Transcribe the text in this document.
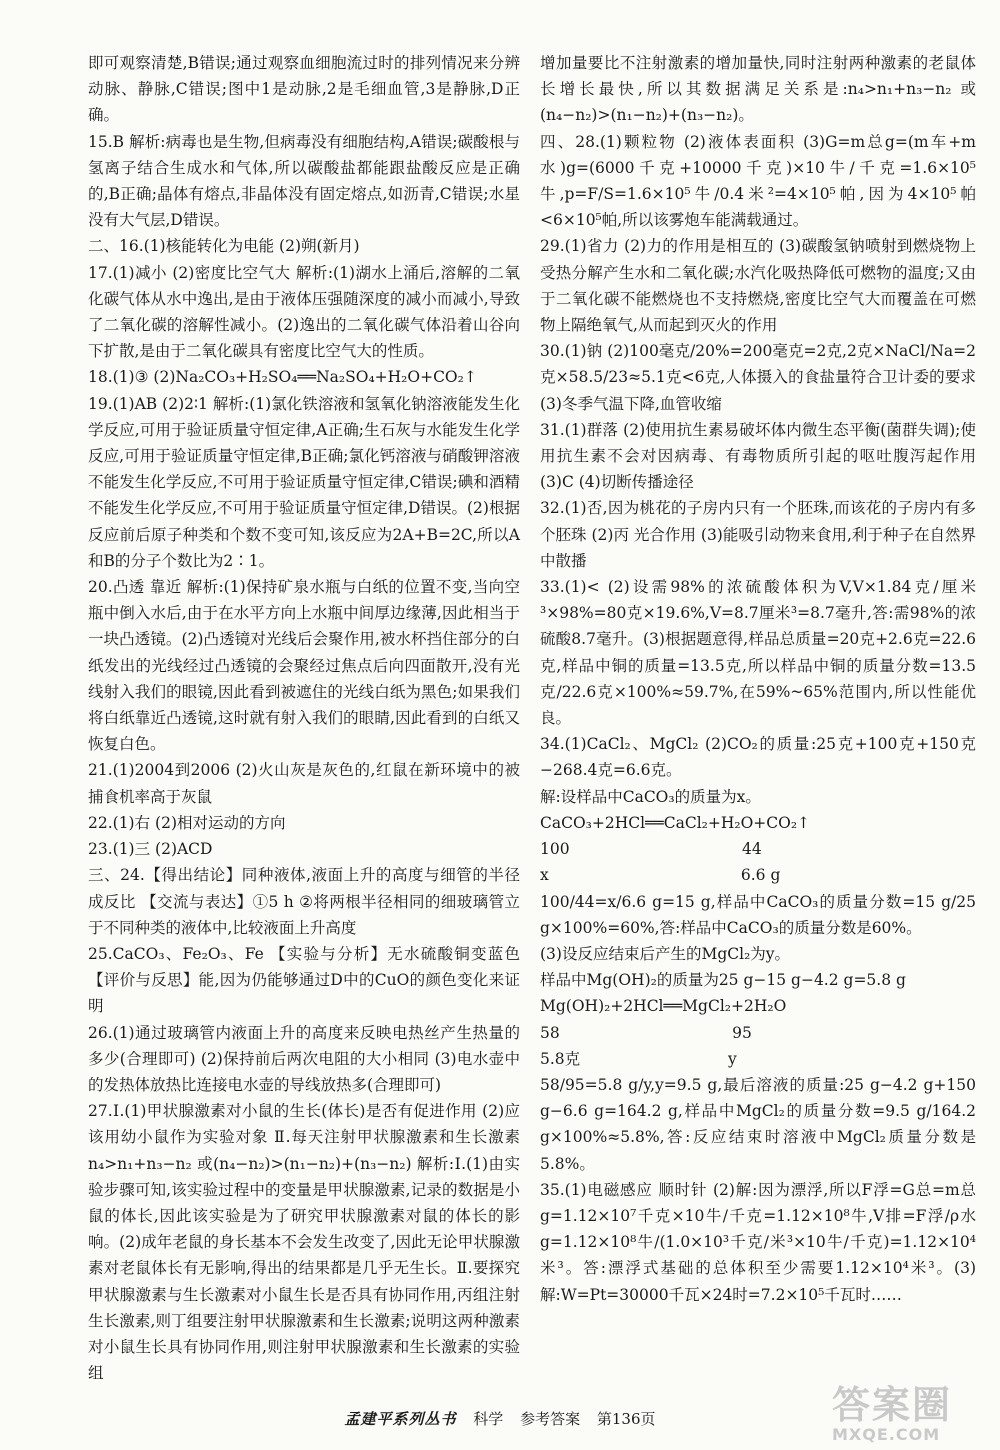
即可观察清楚,B错误;通过观察血细胞流过时的排列情况来分辨动脉、静脉,C错误;图中1是动脉,2是毛细血管,3是静脉,D正确。

15.B 解析:病毒也是生物,但病毒没有细胞结构,A错误;碳酸根与氢离子结合生成水和气体,所以碳酸盐都能跟盐酸反应是正确的,B正确;晶体有熔点,非晶体没有固定熔点,如沥青,C错误;水星没有大气层,D错误。

二、16.(1)核能转化为电能 (2)朔(新月)

17.(1)减小 (2)密度比空气大 解析:(1)湖水上涌后,溶解的二氧化碳气体从水中逸出,是由于液体压强随深度的减小而减小,导致了二氧化碳的溶解性减小。(2)逸出的二氧化碳气体沿着山谷向下扩散,是由于二氧化碳具有密度比空气大的性质。

18.(1)③ (2)Na₂CO₃+H₂SO₄══Na₂SO₄+H₂O+CO₂↑

19.(1)AB (2)2∶1 解析:(1)氯化铁溶液和氢氧化钠溶液能发生化学反应,可用于验证质量守恒定律,A正确;生石灰与水能发生化学反应,可用于验证质量守恒定律,B正确;氯化钙溶液与硝酸钾溶液不能发生化学反应,不可用于验证质量守恒定律,C错误;碘和酒精不能发生化学反应,不可用于验证质量守恒定律,D错误。(2)根据反应前后原子种类和个数不变可知,该反应为2A+B=2C,所以A和B的分子个数比为2∶1。

20.凸透 靠近 解析:(1)保持矿泉水瓶与白纸的位置不变,当向空瓶中倒入水后,由于在水平方向上水瓶中间厚边缘薄,因此相当于一块凸透镜。(2)凸透镜对光线后会聚作用,被水杯挡住部分的白纸发出的光线经过凸透镜的会聚经过焦点后向四面散开,没有光线射入我们的眼镜,因此看到被遮住的光线白纸为黑色;如果我们将白纸靠近凸透镜,这时就有射入我们的眼睛,因此看到的白纸又恢复白色。

21.(1)2004到2006 (2)火山灰是灰色的,红鼠在新环境中的被捕食机率高于灰鼠

22.(1)右 (2)相对运动的方向

23.(1)三 (2)ACD

三、24.【得出结论】同种液体,液面上升的高度与细管的半径成反比 【交流与表达】①5 h ②将两根半径相同的细玻璃管立于不同种类的液体中,比较液面上升高度

25.CaCO₃、Fe₂O₃、Fe 【实验与分析】无水硫酸铜变蓝色 【评价与反思】能,因为仍能够通过D中的CuO的颜色变化来证明

26.(1)通过玻璃管内液面上升的高度来反映电热丝产生热量的多少(合理即可) (2)保持前后两次电阻的大小相同 (3)电水壶中的发热体放热比连接电水壶的导线放热多(合理即可)

27.Ⅰ.(1)甲状腺激素对小鼠的生长(体长)是否有促进作用 (2)应该用幼小鼠作为实验对象 Ⅱ.每天注射甲状腺激素和生长激素 n₄>n₁+n₃−n₂ 或(n₄−n₂)>(n₁−n₂)+(n₃−n₂) 解析:Ⅰ.(1)由实验步骤可知,该实验过程中的变量是甲状腺激素,记录的数据是小鼠的体长,因此该实验是为了研究甲状腺激素对鼠的体长的影响。(2)成年老鼠的身长基本不会发生改变了,因此无论甲状腺激素对老鼠体长有无影响,得出的结果都是几乎无生长。Ⅱ.要探究甲状腺激素与生长激素对小鼠生长是否具有协同作用,丙组注射生长激素,则丁组要注射甲状腺激素和生长激素;说明这两种激素对小鼠生长具有协同作用,则注射甲状腺激素和生长激素的实验组

增加量要比不注射激素的增加量快,同时注射两种激素的老鼠体长增长最快,所以其数据满足关系是:n₄>n₁+n₃−n₂ 或(n₄−n₂)>(n₁−n₂)+(n₃−n₂)。

四、28.(1)颗粒物 (2)液体表面积 (3)G=m总g=(m车+m水)g=(6000千克+10000千克)×10牛/千克=1.6×10⁵牛,p=F/S=1.6×10⁵牛/0.4米²=4×10⁵帕,因为4×10⁵帕<6×10⁵帕,所以该雾炮车能满载通过。

29.(1)省力 (2)力的作用是相互的 (3)碳酸氢钠喷射到燃烧物上受热分解产生水和二氧化碳;水汽化吸热降低可燃物的温度;又由于二氧化碳不能燃烧也不支持燃烧,密度比空气大而覆盖在可燃物上隔绝氧气,从而起到灭火的作用

30.(1)钠 (2)100毫克/20%=200毫克=2克,2克×NaCl/Na=2克×58.5/23≈5.1克<6克,人体摄入的食盐量符合卫计委的要求 (3)冬季气温下降,血管收缩

31.(1)群落 (2)使用抗生素易破坏体内微生态平衡(菌群失调);使用抗生素不会对因病毒、有毒物质所引起的呕吐腹泻起作用 (3)C (4)切断传播途径

32.(1)否,因为桃花的子房内只有一个胚珠,而该花的子房内有多个胚珠 (2)丙 光合作用 (3)能吸引动物来食用,利于种子在自然界中散播

33.(1)< (2)设需98%的浓硫酸体积为V,V×1.84克/厘米³×98%=80克×19.6%,V=8.7厘米³=8.7毫升,答:需98%的浓硫酸8.7毫升。(3)根据题意得,样品总质量=20克+2.6克=22.6克,样品中铜的质量=13.5克,所以样品中铜的质量分数=13.5克/22.6克×100%≈59.7%,在59%~65%范围内,所以性能优良。

34.(1)CaCl₂、MgCl₂ (2)CO₂的质量:25克+100克+150克−268.4克=6.6克。

解:设样品中CaCO₃的质量为x。

CaCO₃+2HCl══CaCl₂+H₂O+CO₂↑

100                                   44

x                                       6.6 g

100/44=x/6.6 g=15 g,样品中CaCO₃的质量分数=15 g/25 g×100%=60%,答:样品中CaCO₃的质量分数是60%。

(3)设反应结束后产生的MgCl₂为y。

样品中Mg(OH)₂的质量为25 g−15 g−4.2 g=5.8 g

Mg(OH)₂+2HCl══MgCl₂+2H₂O

58                                   95

5.8克                              y

58/95=5.8 g/y,y=9.5 g,最后溶液的质量:25 g−4.2 g+150 g−6.6 g=164.2 g,样品中MgCl₂的质量分数=9.5 g/164.2 g×100%≈5.8%,答:反应结束时溶液中MgCl₂质量分数是5.8%。

35.(1)电磁感应 顺时针 (2)解:因为漂浮,所以F浮=G总=m总g=1.12×10⁷千克×10牛/千克=1.12×10⁸牛,V排=F浮/ρ水g=1.12×10⁸牛/(1.0×10³千克/米³×10牛/千克)=1.12×10⁴米³。答:漂浮式基础的总体积至少需要1.12×10⁴米³。(3)解:W=Pt=30000千瓦×24时=7.2×10⁵千瓦时……

孟建平系列丛书 科学 参考答案 第136页	答案圈
MXQE.COM
